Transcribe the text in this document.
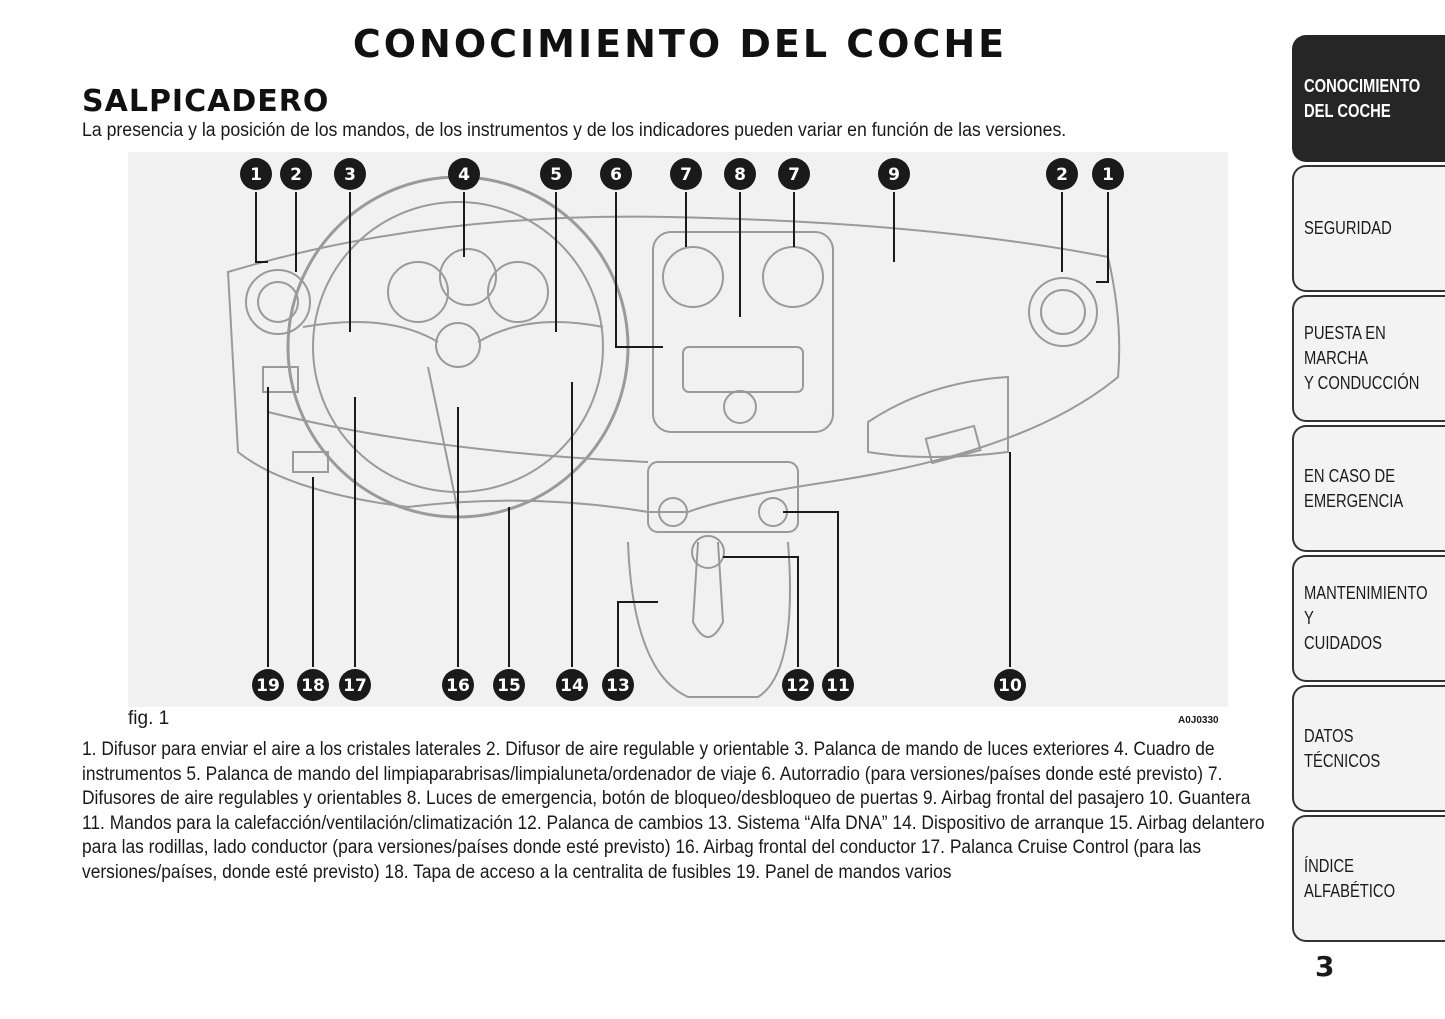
CONOCIMIENTO DEL COCHE
SALPICADERO
La presencia y la posición de los mandos, de los instrumentos y de los indicadores pueden variar en función de las versiones.
1 2 3	4	5	6	7 8 7	9	2 1
19 18 17	16 15 14 13	12 11	10
fig. 1	A0J0330
1. Difusor para enviar el aire a los cristales laterales 2. Difusor de aire regulable y orientable 3. Palanca de mando de luces exteriores 4. Cuadro de instrumentos 5. Palanca de mando del limpiaparabrisas/limpialuneta/ordenador de viaje 6. Autorradio (para versiones/países donde esté previsto) 7. Difusores de aire regulables y orientables 8. Luces de emergencia, botón de bloqueo/desbloqueo de puertas 9. Airbag frontal del pasajero 10. Guantera 11. Mandos para la calefacción/ventilación/climatización 12. Palanca de cambios 13. Sistema “Alfa DNA” 14. Dispositivo de arranque 15. Airbag delantero para las rodillas, lado conductor (para versiones/países donde esté previsto) 16. Airbag frontal del conductor 17. Palanca Cruise Control (para las versiones/países, donde esté previsto) 18. Tapa de acceso a la centralita de fusibles 19. Panel de mandos varios
CONOCIMIENTO
DEL COCHE
SEGURIDAD
PUESTA EN MARCHA
Y CONDUCCIÓN
EN CASO DE
EMERGENCIA
MANTENIMIENTO Y
CUIDADOS
DATOS TÉCNICOS
ÍNDICE ALFABÉTICO
3
